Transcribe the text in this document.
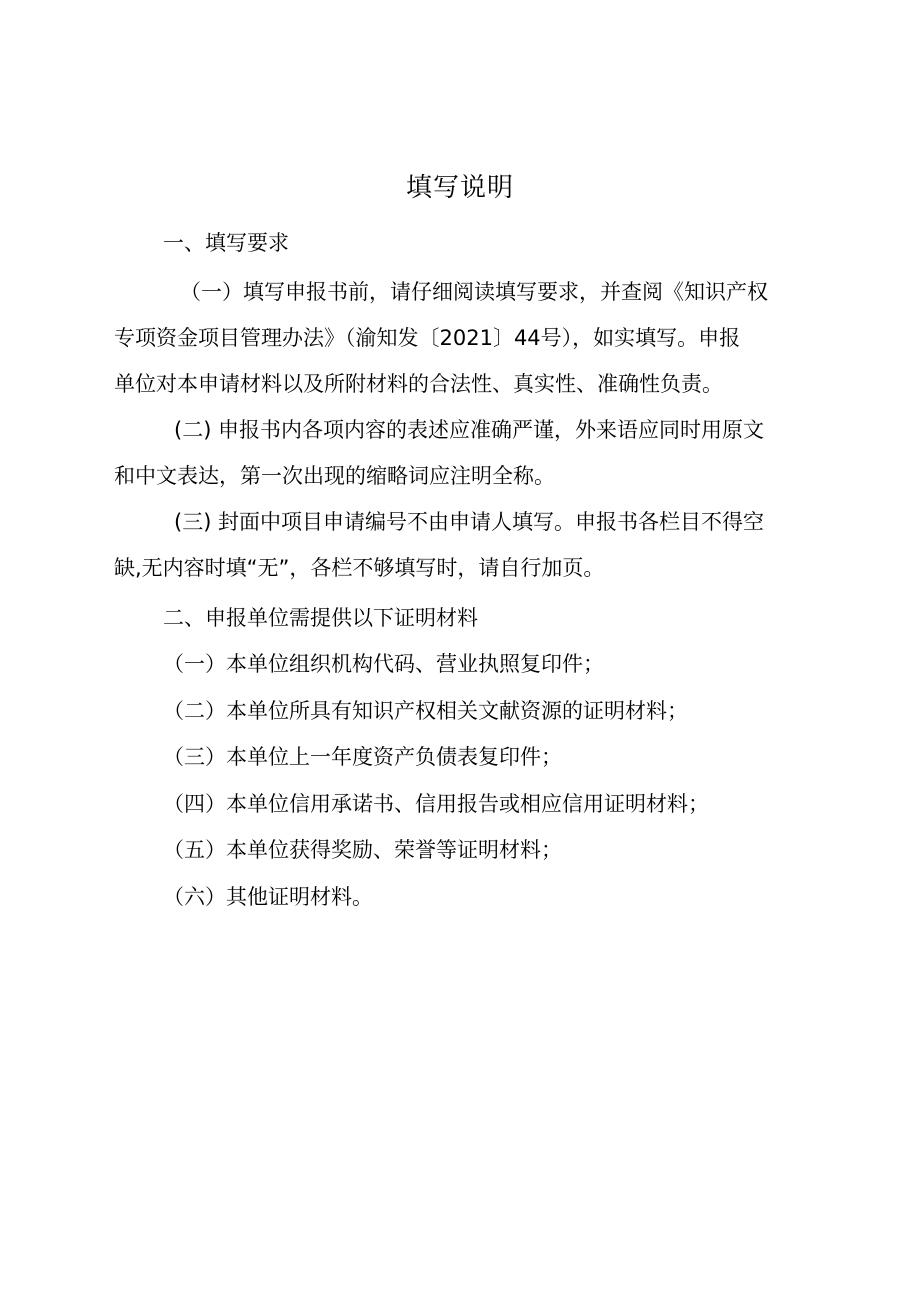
填写说明
一、填写要求
（一）填写申报书前，请仔细阅读填写要求，并查阅《知识产权
专项资金项目管理办法》（渝知发〔2021〕44号），如实填写。申报
单位对本申请材料以及所附材料的合法性、真实性、准确性负责。
(二) 申报书内各项内容的表述应准确严谨，外来语应同时用原文
和中文表达，第一次出现的缩略词应注明全称。
(三) 封面中项目申请编号不由申请人填写。申报书各栏目不得空
缺,无内容时填“无”，各栏不够填写时，请自行加页。
二、申报单位需提供以下证明材料
（一）本单位组织机构代码、营业执照复印件；
（二）本单位所具有知识产权相关文献资源的证明材料；
（三）本单位上一年度资产负债表复印件；
（四）本单位信用承诺书、信用报告或相应信用证明材料；
（五）本单位获得奖励、荣誉等证明材料；
（六）其他证明材料。
